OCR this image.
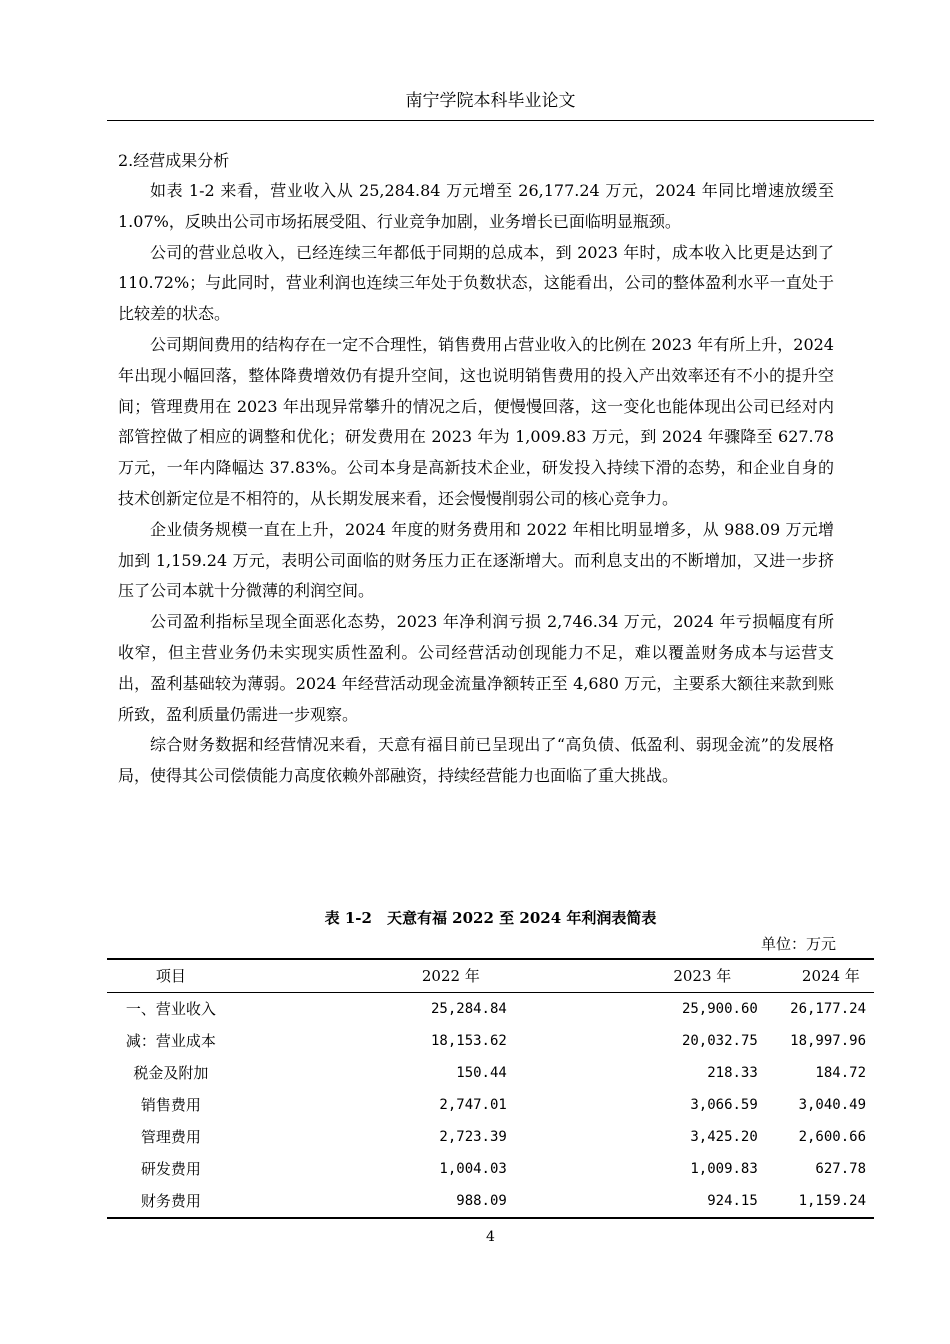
南宁学院本科毕业论文

2.经营成果分析

如表 1-2 来看，营业收入从 25,284.84 万元增至 26,177.24 万元，2024 年同比增速放缓至 1.07%，反映出公司市场拓展受阻、行业竞争加剧，业务增长已面临明显瓶颈。

公司的营业总收入，已经连续三年都低于同期的总成本，到 2023 年时，成本收入比更是达到了 110.72%；与此同时，营业利润也连续三年处于负数状态，这能看出，公司的整体盈利水平一直处于比较差的状态。

公司期间费用的结构存在一定不合理性，销售费用占营业收入的比例在 2023 年有所上升，2024 年出现小幅回落，整体降费增效仍有提升空间，这也说明销售费用的投入产出效率还有不小的提升空间；管理费用在 2023 年出现异常攀升的情况之后，便慢慢回落，这一变化也能体现出公司已经对内部管控做了相应的调整和优化；研发费用在 2023 年为 1,009.83 万元，到 2024 年骤降至 627.78 万元，一年内降幅达 37.83%。公司本身是高新技术企业，研发投入持续下滑的态势，和企业自身的技术创新定位是不相符的，从长期发展来看，还会慢慢削弱公司的核心竞争力。

企业债务规模一直在上升，2024 年度的财务费用和 2022 年相比明显增多，从 988.09 万元增加到 1,159.24 万元，表明公司面临的财务压力正在逐渐增大。而利息支出的不断增加，又进一步挤压了公司本就十分微薄的利润空间。

公司盈利指标呈现全面恶化态势，2023 年净利润亏损 2,746.34 万元，2024 年亏损幅度有所收窄，但主营业务仍未实现实质性盈利。公司经营活动创现能力不足，难以覆盖财务成本与运营支出，盈利基础较为薄弱。2024 年经营活动现金流量净额转正至 4,680 万元，主要系大额往来款到账所致，盈利质量仍需进一步观察。

综合财务数据和经营情况来看，天意有福目前已呈现出了“高负债、低盈利、弱现金流”的发展格局，使得其公司偿债能力高度依赖外部融资，持续经营能力也面临了重大挑战。

表 1-2　天意有福 2022 至 2024 年利润表简表
单位：万元
项目	2022 年	2023 年	2024 年
一、营业收入	25,284.84	25,900.60	26,177.24
减：营业成本	18,153.62	20,032.75	18,997.96
税金及附加	150.44	218.33	184.72
销售费用	2,747.01	3,066.59	3,040.49
管理费用	2,723.39	3,425.20	2,600.66
研发费用	1,004.03	1,009.83	627.78
财务费用	988.09	924.15	1,159.24
4
